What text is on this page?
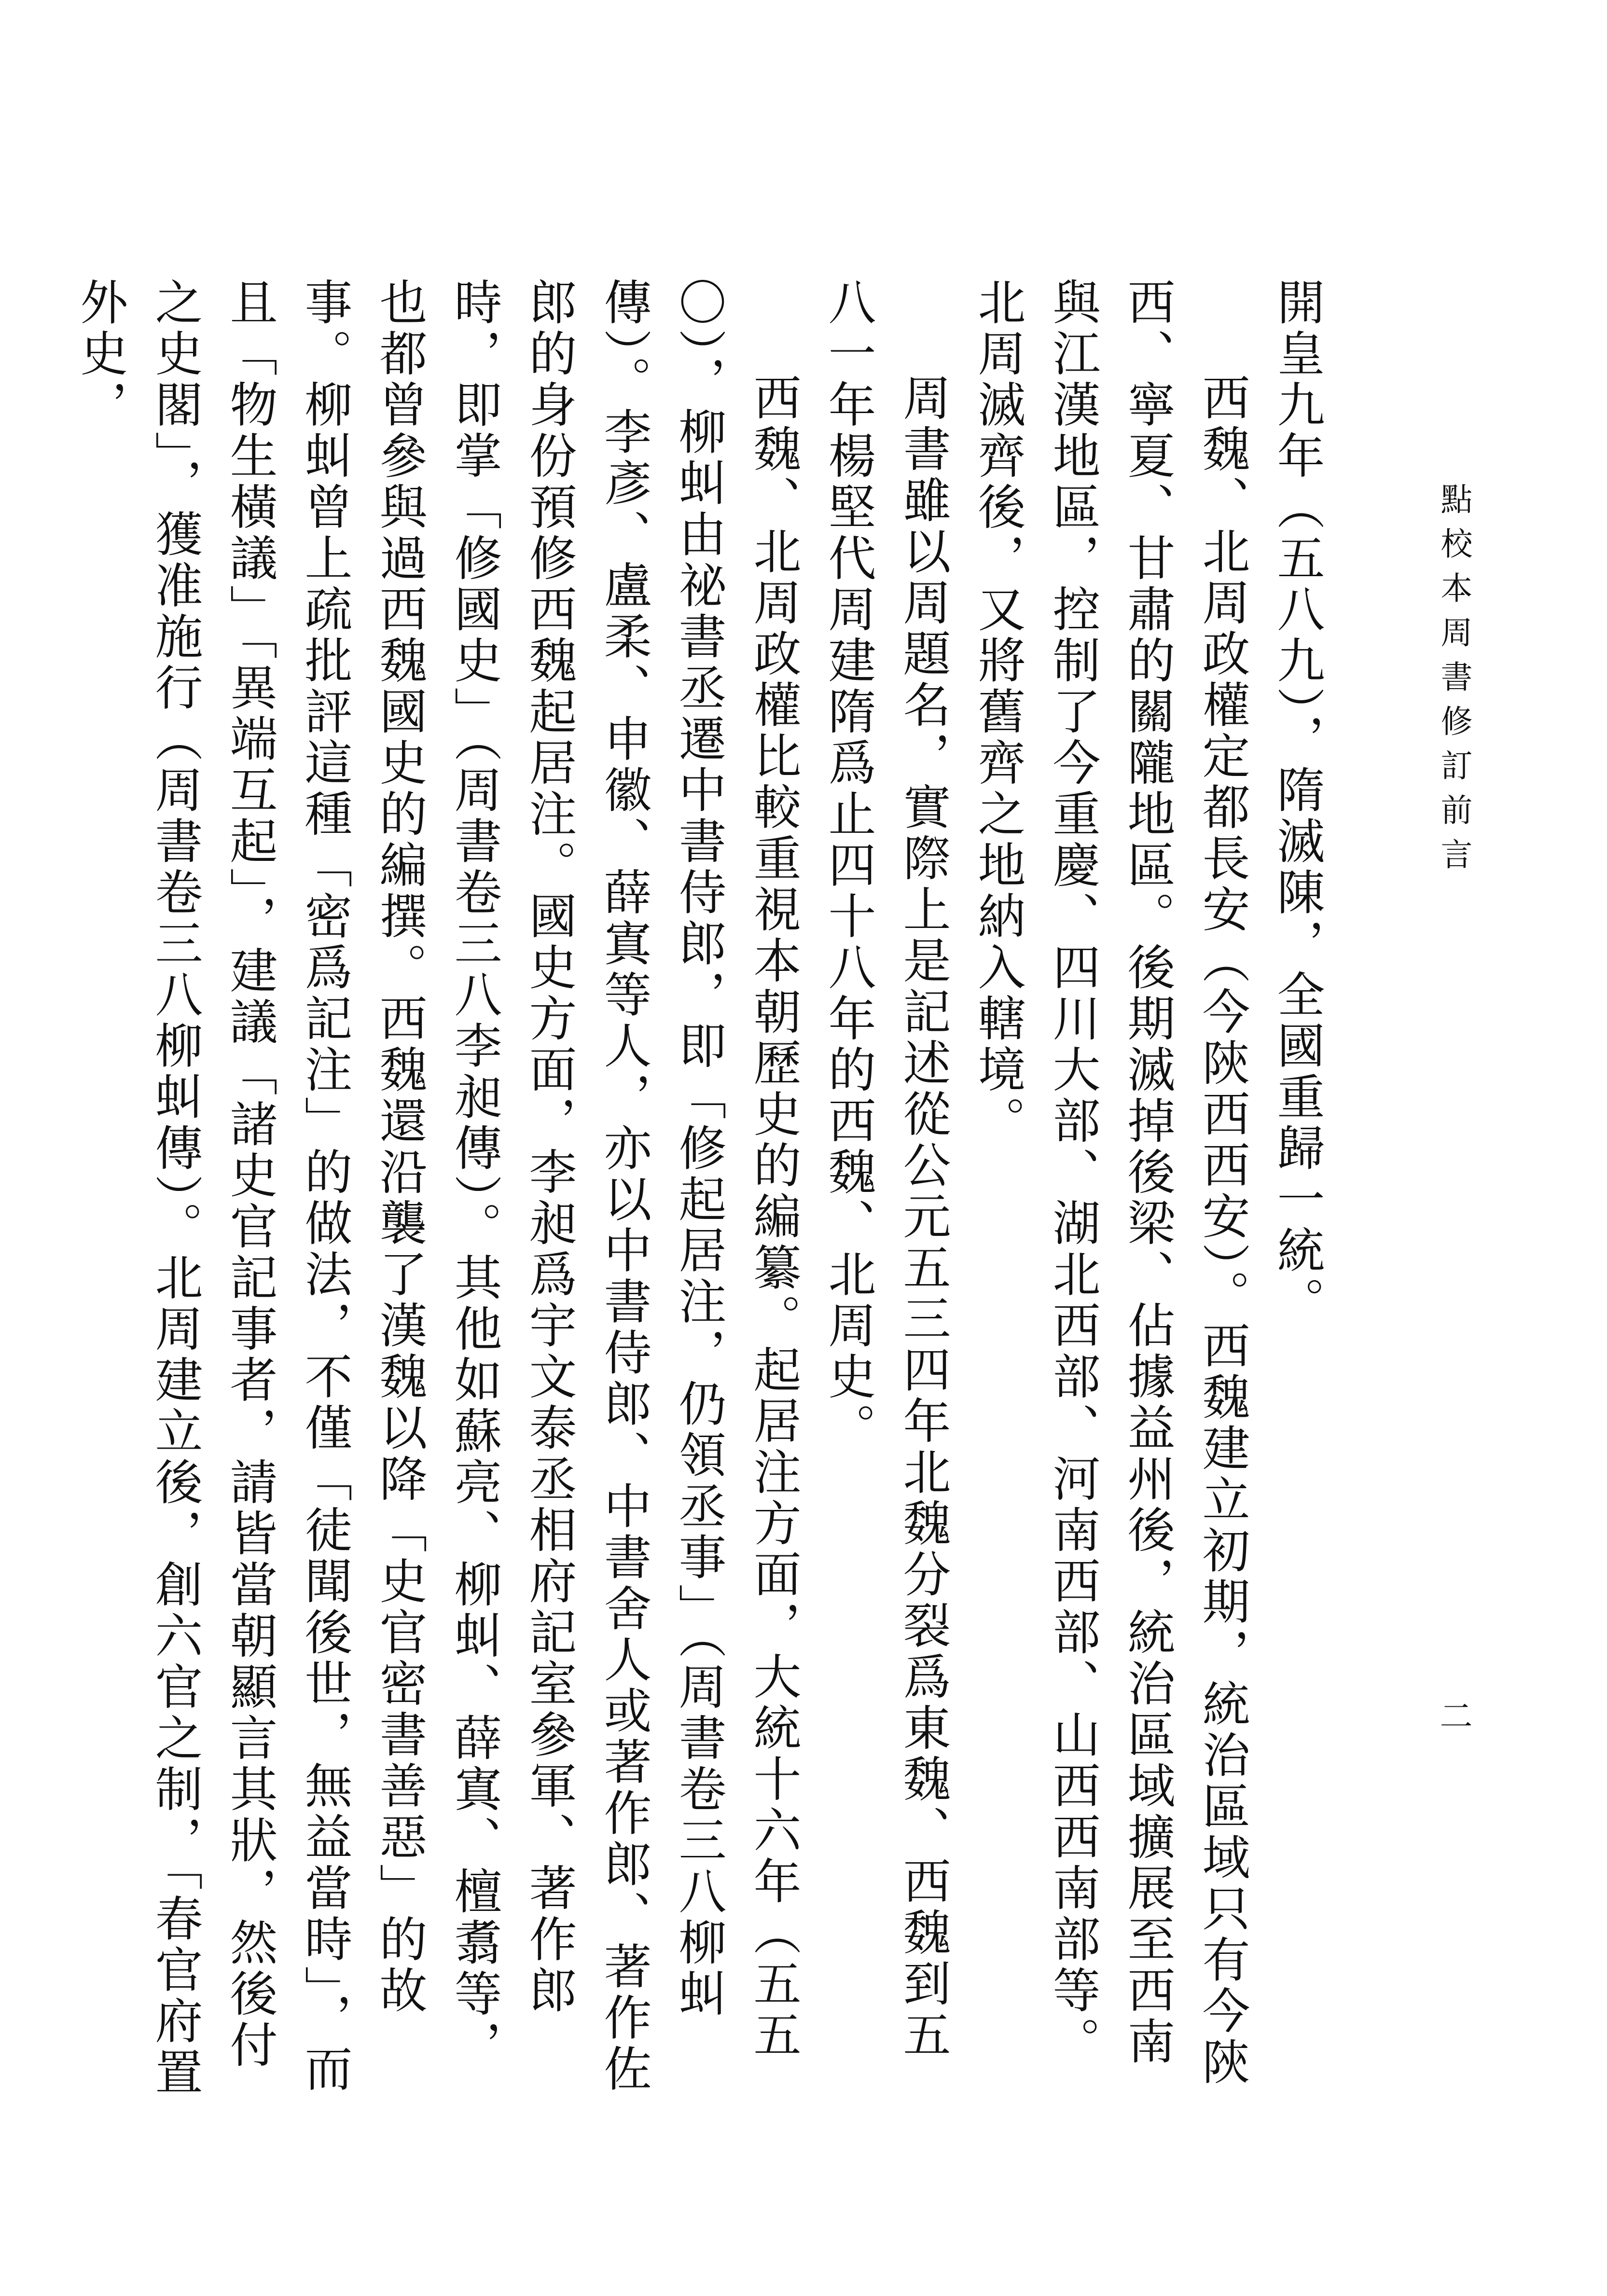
點校本周書修訂前言
二

開皇九年（五八九），隋滅陳，全國重歸一統。

西魏、北周政權定都長安（今陝西西安）。西魏建立初期，統治區域只有今陝西、寧夏、甘肅的關隴地區。後期滅掉後梁、佔據益州後，統治區域擴展至西南與江漢地區，控制了今重慶、四川大部、湖北西部、河南西部、山西西南部等。北周滅齊後，又將舊齊之地納入轄境。

周書雖以周題名，實際上是記述從公元五三四年北魏分裂爲東魏、西魏到五八一年楊堅代周建隋爲止四十八年的西魏、北周史。

西魏、北周政權比較重視本朝歷史的編纂。起居注方面，大統十六年（五五〇），柳虯由祕書丞遷中書侍郎，即「修起居注，仍領丞事」（周書卷三八柳虯傳）。李彥、盧柔、申徽、薛寘等人，亦以中書侍郎、中書舍人或著作郎、著作佐郎的身份預修西魏起居注。國史方面，李昶爲宇文泰丞相府記室參軍、著作郎時，即掌「修國史」（周書卷三八李昶傳）。其他如蘇亮、柳虯、薛寘、檀翥等，也都曾參與過西魏國史的編撰。西魏還沿襲了漢魏以降「史官密書善惡」的故事。柳虯曾上疏批評這種「密爲記注」的做法，不僅「徒聞後世，無益當時」，而且「物生橫議」「異端互起」，建議「諸史官記事者，請皆當朝顯言其狀，然後付之史閣」，獲准施行（周書卷三八柳虯傳）。北周建立後，創六官之制，「春官府置外史，
